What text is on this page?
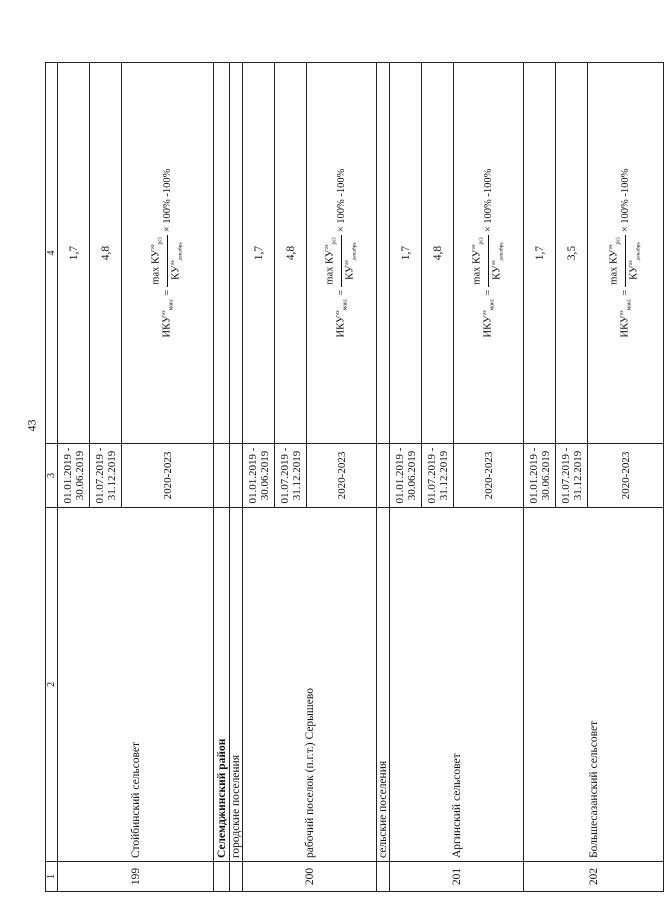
43
1	2	3	4
199	Стойбинский сельсовет	01.01.2019 - 30.06.2019	1,7
		01.07.2019 - 31.12.2019	4,8
		2020-2023	$ИКУ^{ээ}_{макс}$
=
$\max КУ^{ээ}_{рсi}$
$КУ^{ээ}_{декабрь}$
× 100% -100%

	Селемджинский район		
	городские поселения		
200	рабочий поселок (п.г.т.) Серышево	01.01.2019 - 30.06.2019	1,7
		01.07.2019 - 31.12.2019	4,8
		2020-2023	$ИКУ^{ээ}_{макс}$
=
$\max КУ^{ээ}_{рсi}$
$КУ^{ээ}_{декабрь}$
× 100% -100%

	сельские поселения		
201	Аргинский сельсовет	01.01.2019 - 30.06.2019	1,7
		01.07.2019 - 31.12.2019	4,8
		2020-2023	$ИКУ^{ээ}_{макс}$
=
$\max КУ^{ээ}_{рсi}$
$КУ^{ээ}_{декабрь}$
× 100% -100%

202	Большесазанский сельсовет	01.01.2019 - 30.06.2019	1,7
		01.07.2019 - 31.12.2019	3,5
		2020-2023	$ИКУ^{ээ}_{макс}$
=
$\max КУ^{ээ}_{рсi}$
$КУ^{ээ}_{декабрь}$
× 100% -100%
